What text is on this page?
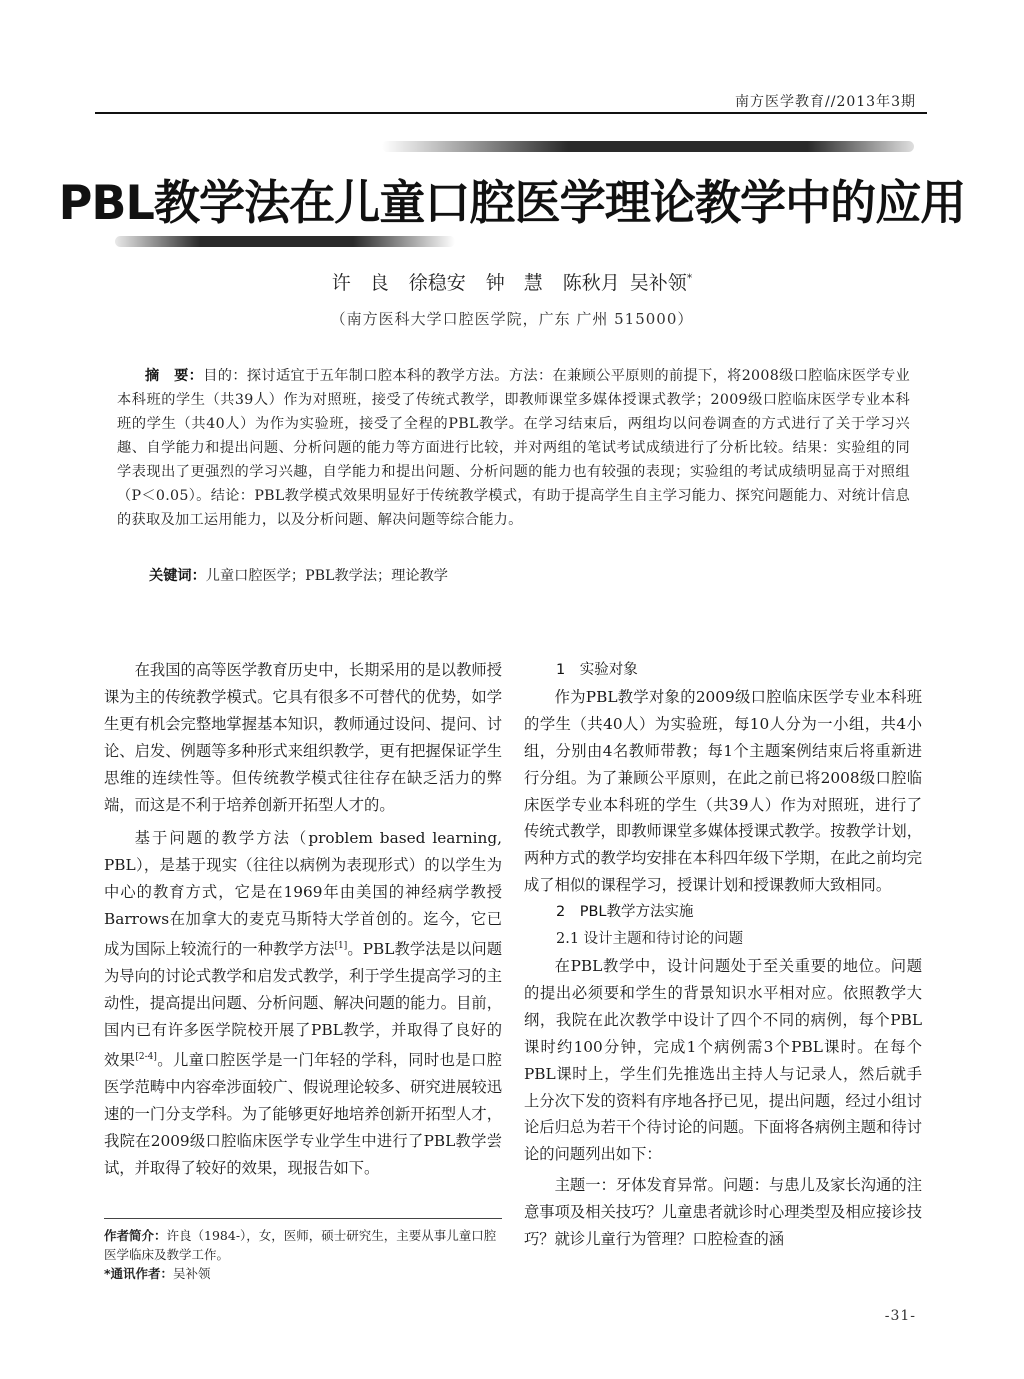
南方医学教育//2013年3期
PBL教学法在儿童口腔医学理论教学中的应用
许　良 徐稳安 钟　慧 陈秋月 吴补领*
（南方医科大学口腔医学院，广东 广州 515000）
摘　要：目的：探讨适宜于五年制口腔本科的教学方法。方法：在兼顾公平原则的前提下，将2008级口腔临床医学专业本科班的学生（共39人）作为对照班，接受了传统式教学，即教师课堂多媒体授课式教学；2009级口腔临床医学专业本科班的学生（共40人）为作为实验班，接受了全程的PBL教学。在学习结束后，两组均以问卷调查的方式进行了关于学习兴趣、自学能力和提出问题、分析问题的能力等方面进行比较，并对两组的笔试考试成绩进行了分析比较。结果：实验组的同学表现出了更强烈的学习兴趣，自学能力和提出问题、分析问题的能力也有较强的表现；实验组的考试成绩明显高于对照组（P＜0.05）。结论：PBL教学模式效果明显好于传统教学模式，有助于提高学生自主学习能力、探究问题能力、对统计信息的获取及加工运用能力，以及分析问题、解决问题等综合能力。
关键词：儿童口腔医学；PBL教学法；理论教学

在我国的高等医学教育历史中，长期采用的是以教师授课为主的传统教学模式。它具有很多不可替代的优势，如学生更有机会完整地掌握基本知识，教师通过设问、提问、讨论、启发、例题等多种形式来组织教学，更有把握保证学生思维的连续性等。但传统教学模式往往存在缺乏活力的弊端，而这是不利于培养创新开拓型人才的。

基于问题的教学方法（problem based learning, PBL），是基于现实（往往以病例为表现形式）的以学生为中心的教育方式，它是在1969年由美国的神经病学教授Barrows在加拿大的麦克马斯特大学首创的。迄今，它已成为国际上较流行的一种教学方法[1]。PBL教学法是以问题为导向的讨论式教学和启发式教学，利于学生提高学习的主动性，提高提出问题、分析问题、解决问题的能力。目前，国内已有许多医学院校开展了PBL教学，并取得了良好的效果[2-4]。儿童口腔医学是一门年轻的学科，同时也是口腔医学范畴中内容牵涉面较广、假说理论较多、研究进展较迅速的一门分支学科。为了能够更好地培养创新开拓型人才，我院在2009级口腔临床医学专业学生中进行了PBL教学尝试，并取得了较好的效果，现报告如下。

1　实验对象

作为PBL教学对象的2009级口腔临床医学专业本科班的学生（共40人）为实验班，每10人分为一小组，共4小组，分别由4名教师带教；每1个主题案例结束后将重新进行分组。为了兼顾公平原则，在此之前已将2008级口腔临床医学专业本科班的学生（共39人）作为对照班，进行了传统式教学，即教师课堂多媒体授课式教学。按教学计划，两种方式的教学均安排在本科四年级下学期，在此之前均完成了相似的课程学习，授课计划和授课教师大致相同。

2　PBL教学方法实施
2.1 设计主题和待讨论的问题

在PBL教学中，设计问题处于至关重要的地位。问题的提出必须要和学生的背景知识水平相对应。依照教学大纲，我院在此次教学中设计了四个不同的病例，每个PBL课时约100分钟，完成1个病例需3个PBL课时。在每个PBL课时上，学生们先推选出主持人与记录人，然后就手上分次下发的资料有序地各抒已见，提出问题，经过小组讨论后归总为若干个待讨论的问题。下面将各病例主题和待讨论的问题列出如下：

主题一：牙体发育异常。问题：与患儿及家长沟通的注意事项及相关技巧？儿童患者就诊时心理类型及相应接诊技巧？就诊儿童行为管理？口腔检查的涵

作者简介：许良（1984-），女，医师，硕士研究生，主要从事儿童口腔医学临床及教学工作。

*通讯作者：吴补领

-31-
